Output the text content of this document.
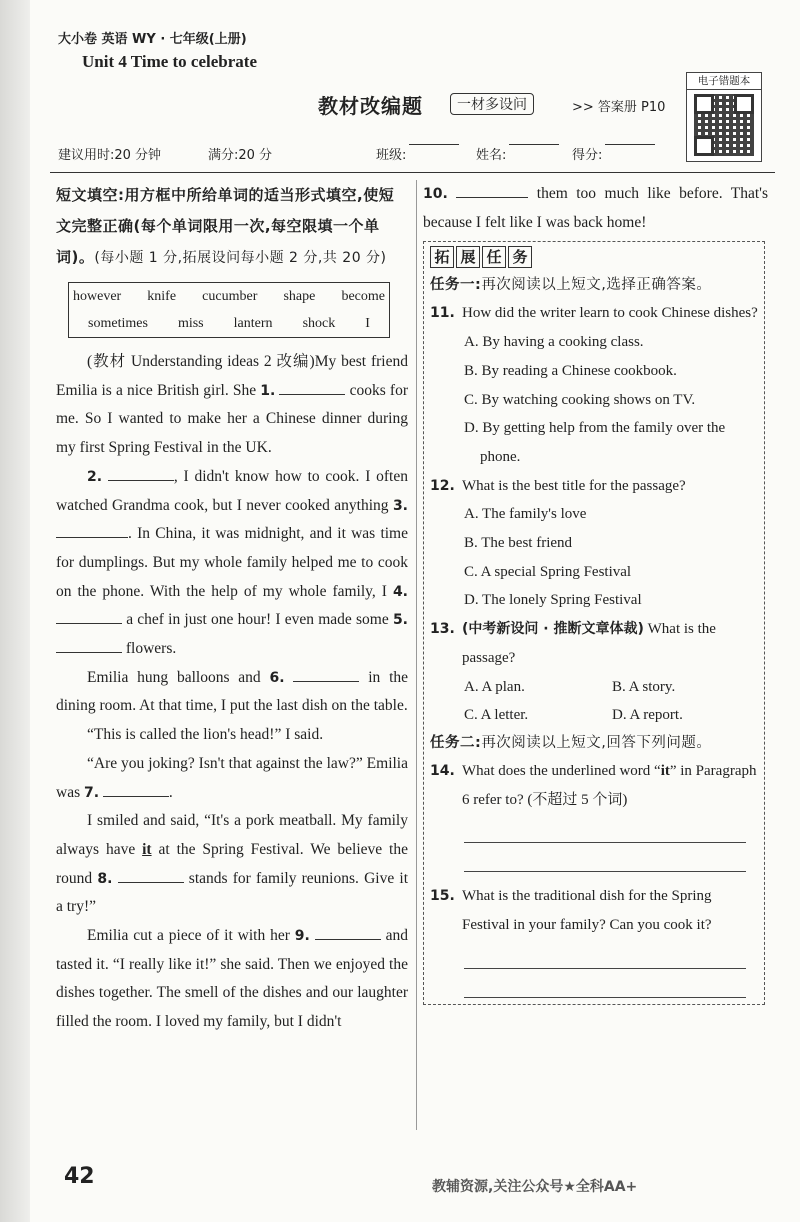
大小卷 英语 WY · 七年级(上册)
Unit 4 Time to celebrate
教材改编题	一材多设问	>> 答案册 P10
电子错题本
建议用时:20 分钟	满分:20 分	班级:	姓名:	得分:
短文填空:用方框中所给单词的适当形式填空,使短文完整正确(每个单词限用一次,每空限填一个单词)。(每小题 1 分,拓展设问每小题 2 分,共 20 分)
however knife cucumber shape become
sometimes miss lantern shock I

(教材 Understanding ideas 2 改编)My best friend Emilia is a nice British girl. She 1.	cooks for me. So I wanted to make her a Chinese dinner during my first Spring Festival in the UK.

2.	, I didn't know how to cook. I often watched Grandma cook, but I never cooked anything 3. . In China, it was midnight, and it was time for dumplings. But my whole family helped me to cook on the phone. With the help of my whole family, I 4.  a chef in just one hour! I even made some 5.  flowers.

Emilia hung balloons and 6.	in the dining room. At that time, I put the last dish on the table.

“This is called the lion's head!” I said.

“Are you joking? Isn't that against the law?” Emilia was 7.	.

I smiled and said, “It's a pork meatball. My family always have it at the Spring Festival. We believe the round 8.	stands for family reunions. Give it a try!”

Emilia cut a piece of it with her 9.	and tasted it. “I really like it!” she said. Then we enjoyed the dishes together. The smell of the dishes and our laughter filled the room. I loved my family, but I didn't

10.	them too much like before. That's because I felt like I was back home!

拓 展 任 务
任务一:再次阅读以上短文,选择正确答案。
11. How did the writer learn to cook Chinese dishes?
A. By having a cooking class.
B. By reading a Chinese cookbook.
C. By watching cooking shows on TV.
D. By getting help from the family over the phone.
12. What is the best title for the passage?
A. The family's love
B. The best friend
C. A special Spring Festival
D. The lonely Spring Festival
13. (中考新设问 · 推断文章体裁) What is the passage?
A. A plan.	B. A story.
C. A letter.	D. A report.
任务二:再次阅读以上短文,回答下列问题。
14. What does the underlined word “it” in Paragraph 6 refer to? (不超过 5 个词)
15. What is the traditional dish for the Spring Festival in your family? Can you cook it?
42	教辅资源,关注公众号★全科AA+
